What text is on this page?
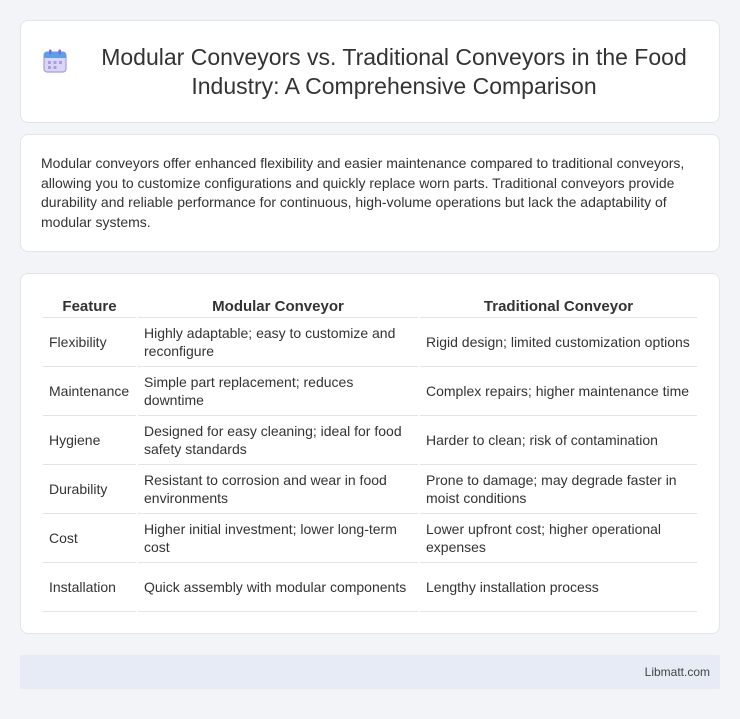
Modular Conveyors vs. Traditional Conveyors in the Food Industry: A Comprehensive Comparison

Modular conveyors offer enhanced flexibility and easier maintenance compared to traditional conveyors, allowing you to customize configurations and quickly replace worn parts. Traditional conveyors provide durability and reliable performance for continuous, high-volume operations but lack the adaptability of modular systems.

Feature	Modular Conveyor	Traditional Conveyor
Flexibility	Highly adaptable; easy to customize and reconfigure	Rigid design; limited customization options
Maintenance	Simple part replacement; reduces downtime	Complex repairs; higher maintenance time
Hygiene	Designed for easy cleaning; ideal for food safety standards	Harder to clean; risk of contamination
Durability	Resistant to corrosion and wear in food environments	Prone to damage; may degrade faster in moist conditions
Cost	Higher initial investment; lower long-term cost	Lower upfront cost; higher operational expenses
Installation	Quick assembly with modular components	Lengthy installation process
Libmatt.com
